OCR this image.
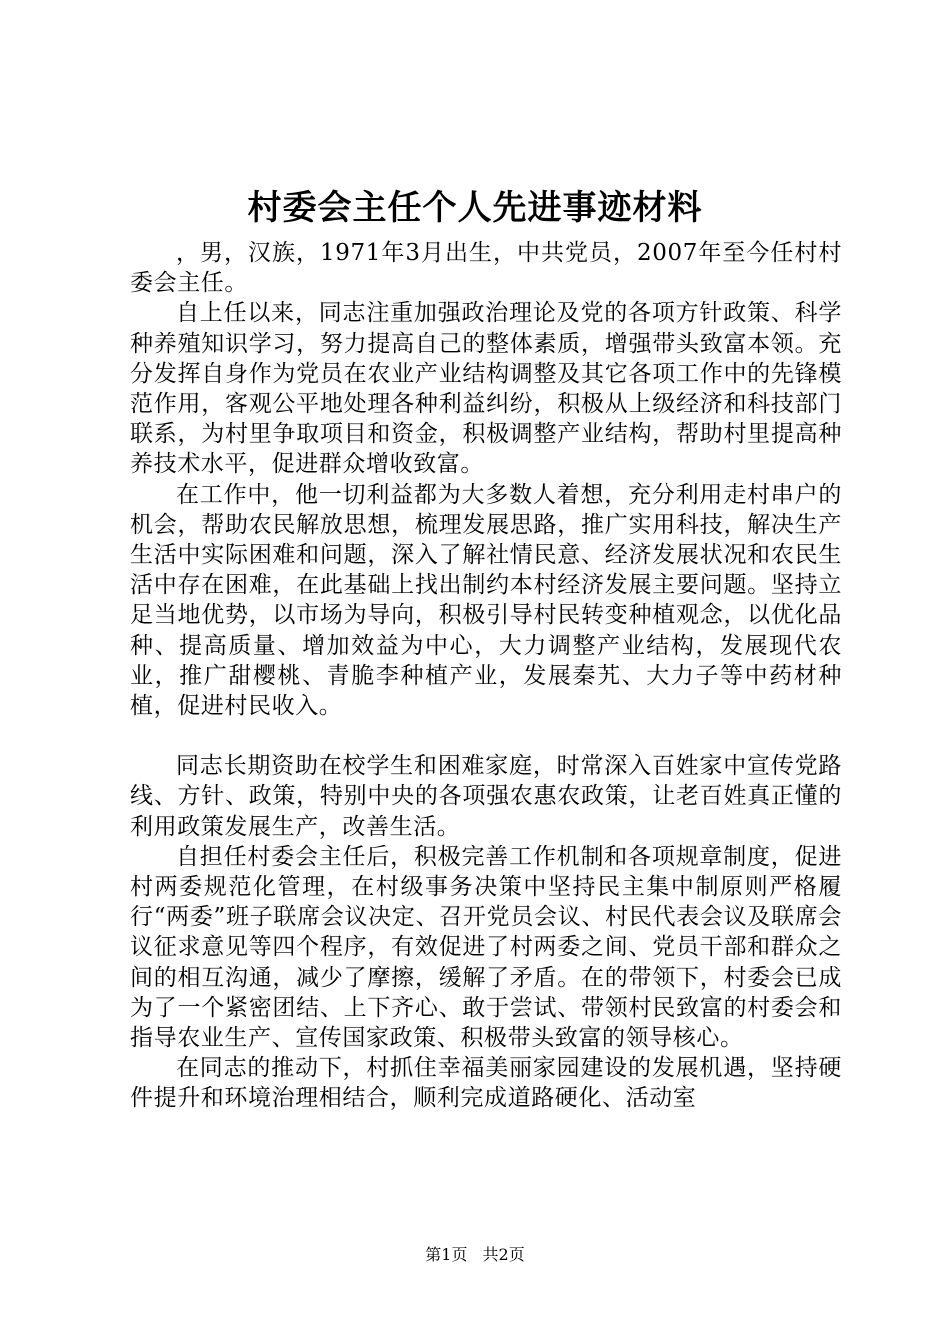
村委会主任个人先进事迹材料

，男，汉族，1971年3月出生，中共党员，2007年至今任村村委会主任。

自上任以来，同志注重加强政治理论及党的各项方针政策、科学种养殖知识学习，努力提高自己的整体素质，增强带头致富本领。充分发挥自身作为党员在农业产业结构调整及其它各项工作中的先锋模范作用，客观公平地处理各种利益纠纷，积极从上级经济和科技部门联系，为村里争取项目和资金，积极调整产业结构，帮助村里提高种养技术水平，促进群众增收致富。

在工作中，他一切利益都为大多数人着想，充分利用走村串户的机会，帮助农民解放思想，梳理发展思路，推广实用科技，解决生产生活中实际困难和问题，深入了解社情民意、经济发展状况和农民生活中存在困难，在此基础上找出制约本村经济发展主要问题。坚持立足当地优势，以市场为导向，积极引导村民转变种植观念，以优化品种、提高质量、增加效益为中心，大力调整产业结构，发展现代农业，推广甜樱桃、青脆李种植产业，发展秦艽、大力子等中药材种植，促进村民收入。

同志长期资助在校学生和困难家庭，时常深入百姓家中宣传党路线、方针、政策，特别中央的各项强农惠农政策，让老百姓真正懂的利用政策发展生产，改善生活。

自担任村委会主任后，积极完善工作机制和各项规章制度，促进村两委规范化管理，在村级事务决策中坚持民主集中制原则严格履行“两委”班子联席会议决定、召开党员会议、村民代表会议及联席会议征求意见等四个程序，有效促进了村两委之间、党员干部和群众之间的相互沟通，减少了摩擦，缓解了矛盾。在的带领下，村委会已成为了一个紧密团结、上下齐心、敢于尝试、带领村民致富的村委会和指导农业生产、宣传国家政策、积极带头致富的领导核心。

在同志的推动下，村抓住幸福美丽家园建设的发展机遇，坚持硬件提升和环境治理相结合，顺利完成道路硬化、活动室

第1页 共2页
